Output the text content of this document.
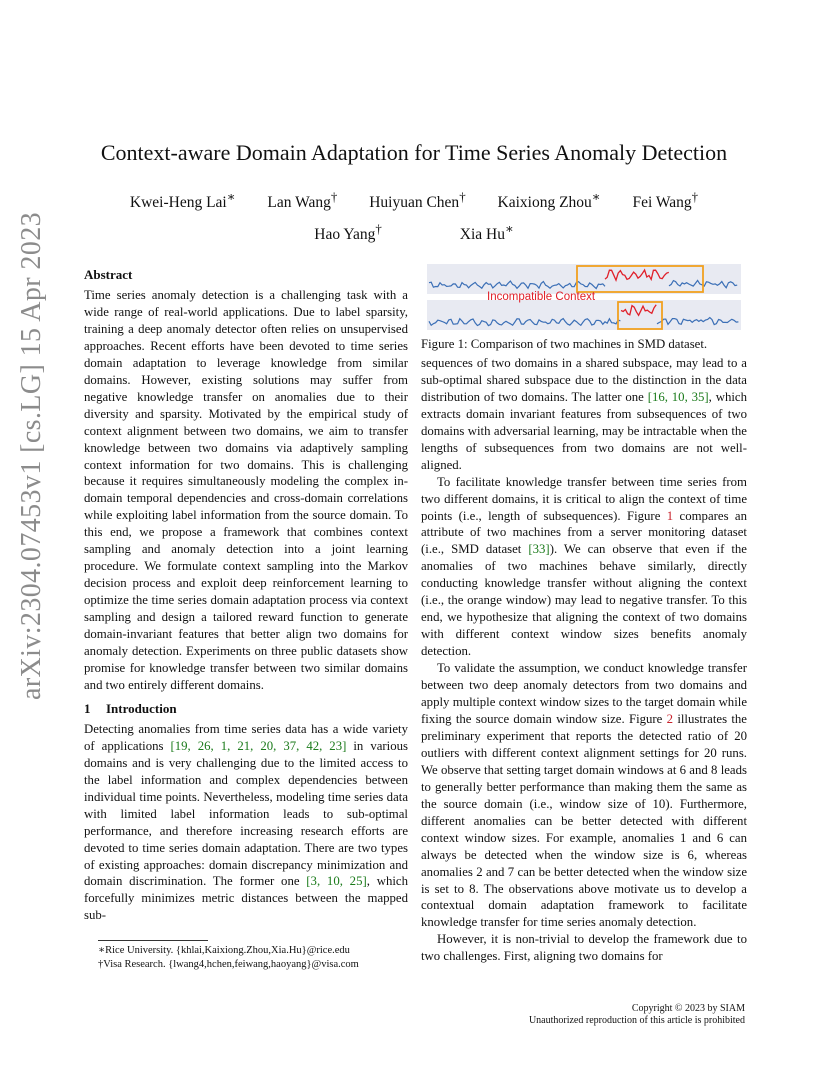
arXiv:2304.07453v1 [cs.LG] 15 Apr 2023
Context-aware Domain Adaptation for Time Series Anomaly Detection
Kwei-Heng Lai∗ Lan Wang† Huiyuan Chen† Kaixiong Zhou∗ Fei Wang†
Hao Yang†	Xia Hu∗
Abstract

Time series anomaly detection is a challenging task with a wide range of real-world applications. Due to label sparsity, training a deep anomaly detector often relies on unsupervised approaches. Recent efforts have been devoted to time series domain adaptation to leverage knowledge from similar domains. However, existing solutions may suffer from negative knowledge transfer on anomalies due to their diversity and sparsity. Motivated by the empirical study of context alignment between two domains, we aim to transfer knowledge between two domains via adaptively sampling context information for two domains. This is challenging because it requires simultaneously modeling the complex in-domain temporal dependencies and cross-domain correlations while exploiting label information from the source domain. To this end, we propose a framework that combines context sampling and anomaly detection into a joint learning procedure. We formulate context sampling into the Markov decision process and exploit deep reinforcement learning to optimize the time series domain adaptation process via context sampling and design a tailored reward function to generate domain-invariant features that better align two domains for anomaly detection. Experiments on three public datasets show promise for knowledge transfer between two similar domains and two entirely different domains.

1 Introduction

Detecting anomalies from time series data has a wide variety of applications [19, 26, 1, 21, 20, 37, 42, 23] in various domains and is very challenging due to the limited access to the label information and complex dependencies between individual time points. Nevertheless, modeling time series data with limited label information leads to sub-optimal performance, and therefore increasing research efforts are devoted to time series domain adaptation. There are two types of existing approaches: domain discrepancy minimization and domain discrimination. The former one [3, 10, 25], which forcefully minimizes metric distances between the mapped sub-

Incompatible Context
Figure 1: Comparison of two machines in SMD dataset.

sequences of two domains in a shared subspace, may lead to a sub-optimal shared subspace due to the distinction in the data distribution of two domains. The latter one [16, 10, 35], which extracts domain invariant features from subsequences of two domains with adversarial learning, may be intractable when the lengths of subsequences from two domains are not well-aligned.

To facilitate knowledge transfer between time series from two different domains, it is critical to align the context of time points (i.e., length of subsequences). Figure 1 compares an attribute of two machines from a server monitoring dataset (i.e., SMD dataset [33]). We can observe that even if the anomalies of two machines behave similarly, directly conducting knowledge transfer without aligning the context (i.e., the orange window) may lead to negative transfer. To this end, we hypothesize that aligning the context of two domains with different context window sizes benefits anomaly detection.

To validate the assumption, we conduct knowledge transfer between two deep anomaly detectors from two domains and apply multiple context window sizes to the target domain while fixing the source domain window size. Figure 2 illustrates the preliminary experiment that reports the detected ratio of 20 outliers with different context alignment settings for 20 runs. We observe that setting target domain windows at 6 and 8 leads to generally better performance than making them the same as the source domain (i.e., window size of 10). Furthermore, different anomalies can be better detected with different context window sizes. For example, anomalies 1 and 6 can always be detected when the window size is 6, whereas anomalies 2 and 7 can be better detected when the window size is set to 8. The observations above motivate us to develop a contextual domain adaptation framework to facilitate knowledge transfer for time series anomaly detection.

However, it is non-trivial to develop the framework due to two challenges. First, aligning two domains for

∗Rice University. {khlai,Kaixiong.Zhou,Xia.Hu}@rice.edu
†Visa Research. {lwang4,hchen,feiwang,haoyang}@visa.com
Copyright © 2023 by SIAM
Unauthorized reproduction of this article is prohibited
